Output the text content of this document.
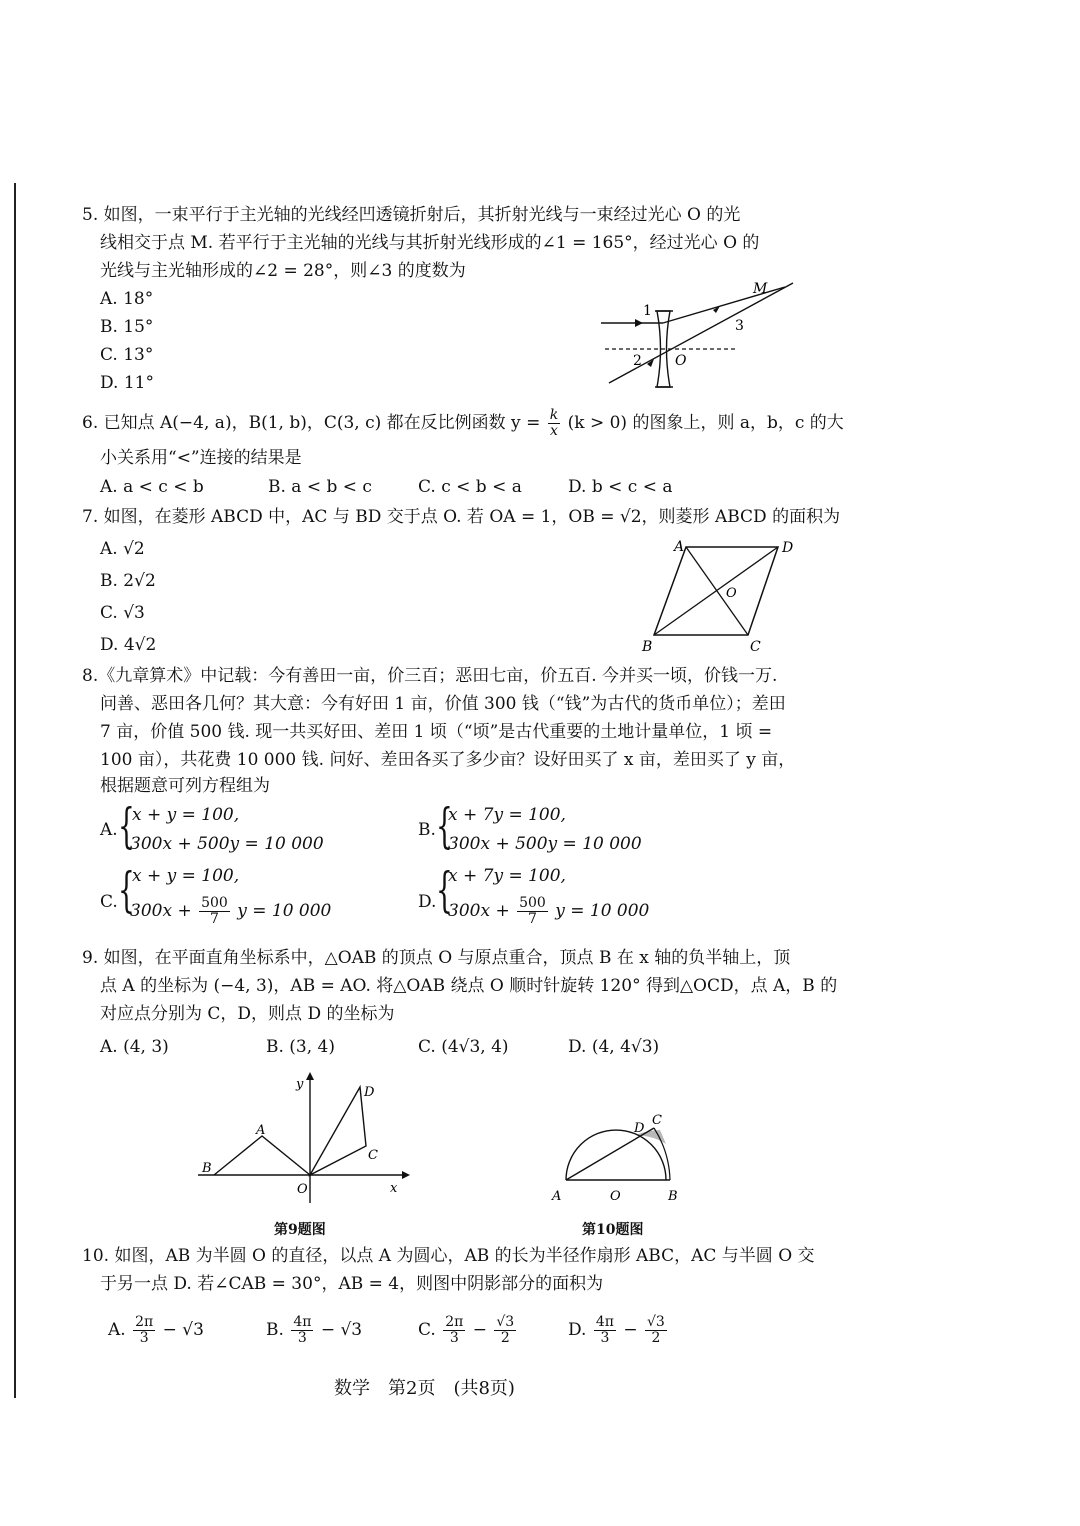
5. 如图，一束平行于主光轴的光线经凹透镜折射后，其折射光线与一束经过光心 O 的光
线相交于点 M. 若平行于主光轴的光线与其折射光线形成的∠1 = 165°，经过光心 O 的
光线与主光轴形成的∠2 = 28°，则∠3 的度数为
A. 18°
B. 15°
C. 13°
D. 11°
1
2
3
O
M
6. 已知点 A(−4, a)，B(1, b)，C(3, c) 都在反比例函数 $y = \frac{k}{x} (k > 0)$ 的图象上，则 a，b，c 的大
小关系用“<”连接的结果是
A. a < c < b	B. a < b < c	C. c < b < a	D. b < c < a
7. 如图，在菱形 ABCD 中，AC 与 BD 交于点 O. 若 OA = 1，OB = √2，则菱形 ABCD 的面积为
A. √2
B. 2√2
C. √3
D. 4√2
A	D
B	C
O
8.《九章算术》中记载：今有善田一亩，价三百；恶田七亩，价五百. 今并买一顷，价钱一万.
问善、恶田各几何？其大意：今有好田 1 亩，价值 300 钱（“钱”为古代的货币单位）；差田
7 亩，价值 500 钱. 现一共买好田、差田 1 顷（“顷”是古代重要的土地计量单位，1 顷 =
100 亩），共花费 10 000 钱. 问好、差田各买了多少亩？设好田买了 x 亩，差田买了 y 亩，
根据题意可列方程组为
A. {
x + y = 100,
300x + 500y = 10 000
B. {
x + 7y = 100,
300x + 500y = 10 000
C. {
x + y = 100,
$300x + \frac{500}{7}$ y = 10 000	D. {
x + 7y = 100,
$300x + \frac{500}{7}$ y = 10 000
9. 如图，在平面直角坐标系中，△OAB 的顶点 O 与原点重合，顶点 B 在 x 轴的负半轴上，顶
点 A 的坐标为 (−4, 3)，AB = AO. 将△OAB 绕点 O 顺时针旋转 120° 得到△OCD，点 A，B 的
对应点分别为 C，D，则点 D 的坐标为
A. (4, 3)	B. (3, 4)	C. (4√3, 4)	D. (4, 4√3)
y
x
O
A
B
C
D
第9题图
A	O	B
D
C
第10题图
10. 如图，AB 为半圆 O 的直径，以点 A 为圆心，AB 的长为半径作扇形 ABC，AC 与半圆 O 交
于另一点 D. 若∠CAB = 30°，AB = 4，则图中阴影部分的面积为
A. $\frac{2\pi}{3} - √3$	B. $\frac{4\pi}{3} - √3$	C. $\frac{2\pi}{3} - \frac{√3}{2}$	D. $\frac{4\pi}{3} - \frac{√3}{2}$
数学　第2页　(共8页)
